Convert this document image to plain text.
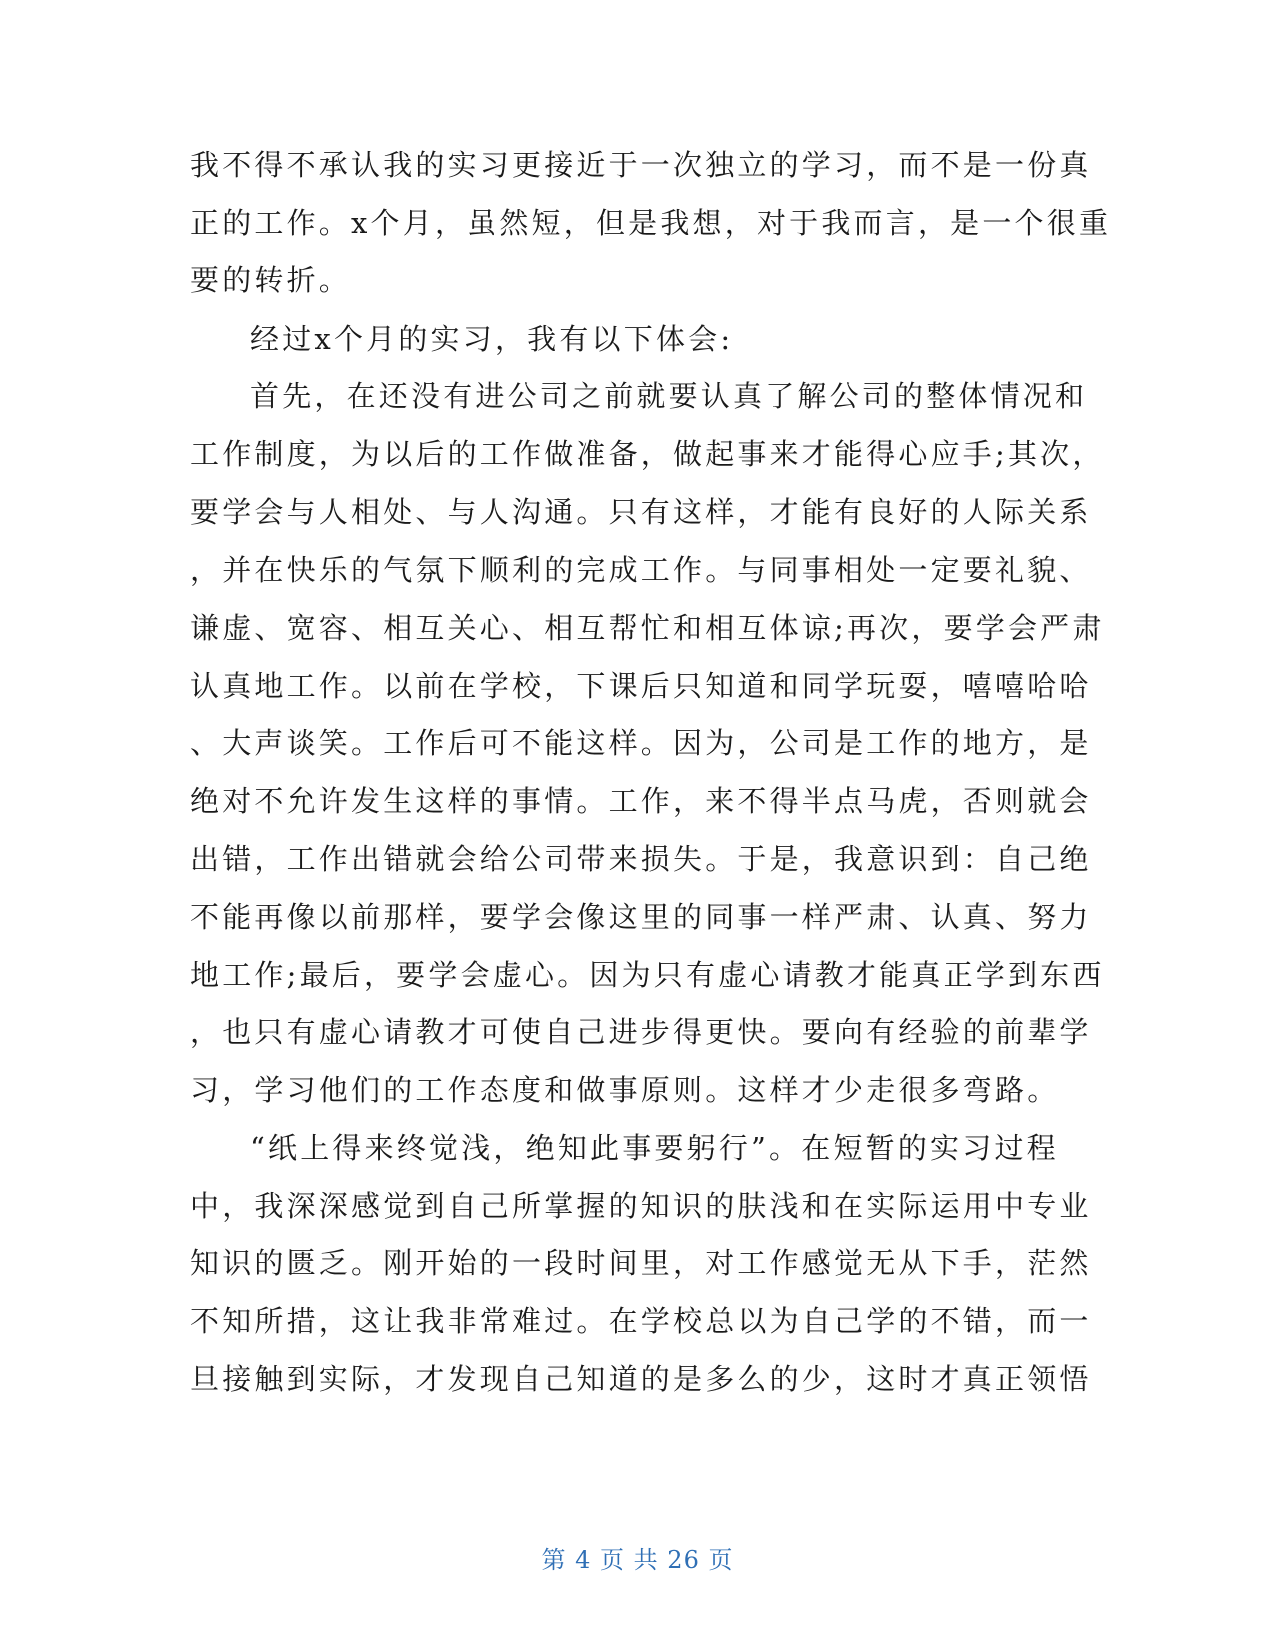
我不得不承认我的实习更接近于一次独立的学习，而不是一份真
正的工作。x个月，虽然短，但是我想，对于我而言，是一个很重
要的转折。
经过x个月的实习，我有以下体会:
首先，在还没有进公司之前就要认真了解公司的整体情况和
工作制度，为以后的工作做准备，做起事来才能得心应手;其次，
要学会与人相处、与人沟通。只有这样，才能有良好的人际关系
，并在快乐的气氛下顺利的完成工作。与同事相处一定要礼貌、
谦虚、宽容、相互关心、相互帮忙和相互体谅;再次，要学会严肃
认真地工作。以前在学校，下课后只知道和同学玩耍，嘻嘻哈哈
、大声谈笑。工作后可不能这样。因为，公司是工作的地方，是
绝对不允许发生这样的事情。工作，来不得半点马虎，否则就会
出错，工作出错就会给公司带来损失。于是，我意识到：自己绝
不能再像以前那样，要学会像这里的同事一样严肃、认真、努力
地工作;最后，要学会虚心。因为只有虚心请教才能真正学到东西
，也只有虚心请教才可使自己进步得更快。要向有经验的前辈学
习，学习他们的工作态度和做事原则。这样才少走很多弯路。
“纸上得来终觉浅，绝知此事要躬行”。在短暂的实习过程
中，我深深感觉到自己所掌握的知识的肤浅和在实际运用中专业
知识的匮乏。刚开始的一段时间里，对工作感觉无从下手，茫然
不知所措，这让我非常难过。在学校总以为自己学的不错，而一
旦接触到实际，才发现自己知道的是多么的少，这时才真正领悟
第 4 页 共 26 页
